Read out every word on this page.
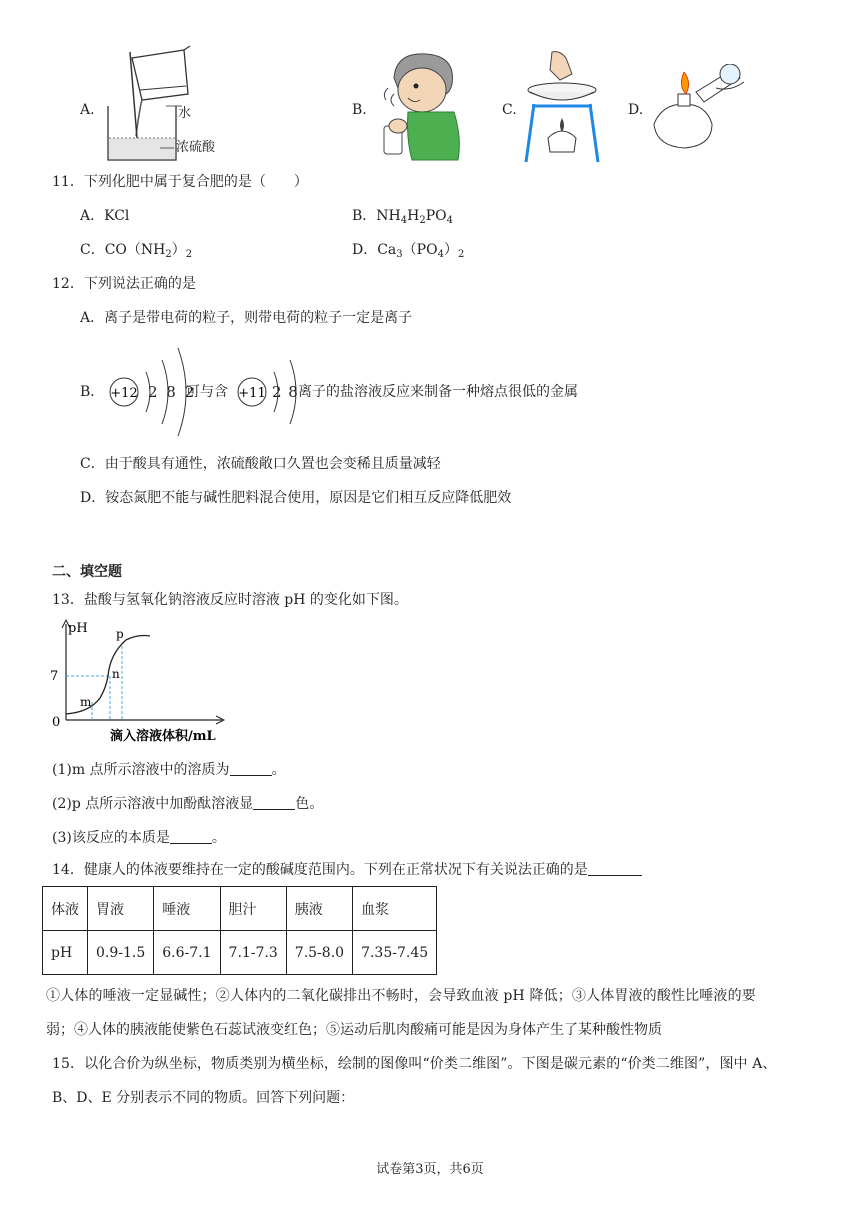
A.	水
浓硫酸
B.	C.	D.
11．下列化肥中属于复合肥的是（　　）
A．KCl	B．$NH_4H_2PO_4$
C．$CO(NH_2)_2$	D．$Ca_3(PO_4)_2$
12．下列说法正确的是
A．离子是带电荷的粒子，则带电荷的粒子一定是离子
B． +12 2 8 2
可与含 +11 2 8 离子的盐溶液反应来制备一种熔点很低的金属
C．由于酸具有通性，浓硫酸敞口久置也会变稀且质量减轻
D．铵态氮肥不能与碱性肥料混合使用，原因是它们相互反应降低肥效
二、填空题
13．盐酸与氢氧化钠溶液反应时溶液 pH 的变化如下图。
pH
7
0
m
n
p
滴入溶液体积/mL
(1)m 点所示溶液中的溶质为	。
(2)p 点所示溶液中加酚酞溶液显	色。
(3)该反应的本质是	。
14．健康人的体液要维持在一定的酸碱度范围内。下列在正常状况下有关说法正确的是
体液	胃液	唾液	胆汁	胰液	血浆
pH	0.9-1.5	6.6-7.1	7.1-7.3	7.5-8.0	7.35-7.45
①人体的唾液一定显碱性；②人体内的二氧化碳排出不畅时，会导致血液 pH 降低；③人体胃液的酸性比唾液的要
弱；④人体的胰液能使紫色石蕊试液变红色；⑤运动后肌肉酸痛可能是因为身体产生了某种酸性物质
15．以化合价为纵坐标，物质类别为横坐标，绘制的图像叫“价类二维图”。下图是碳元素的“价类二维图”，图中 A、
B、D、E 分别表示不同的物质。回答下列问题：
试卷第3页，共6页
